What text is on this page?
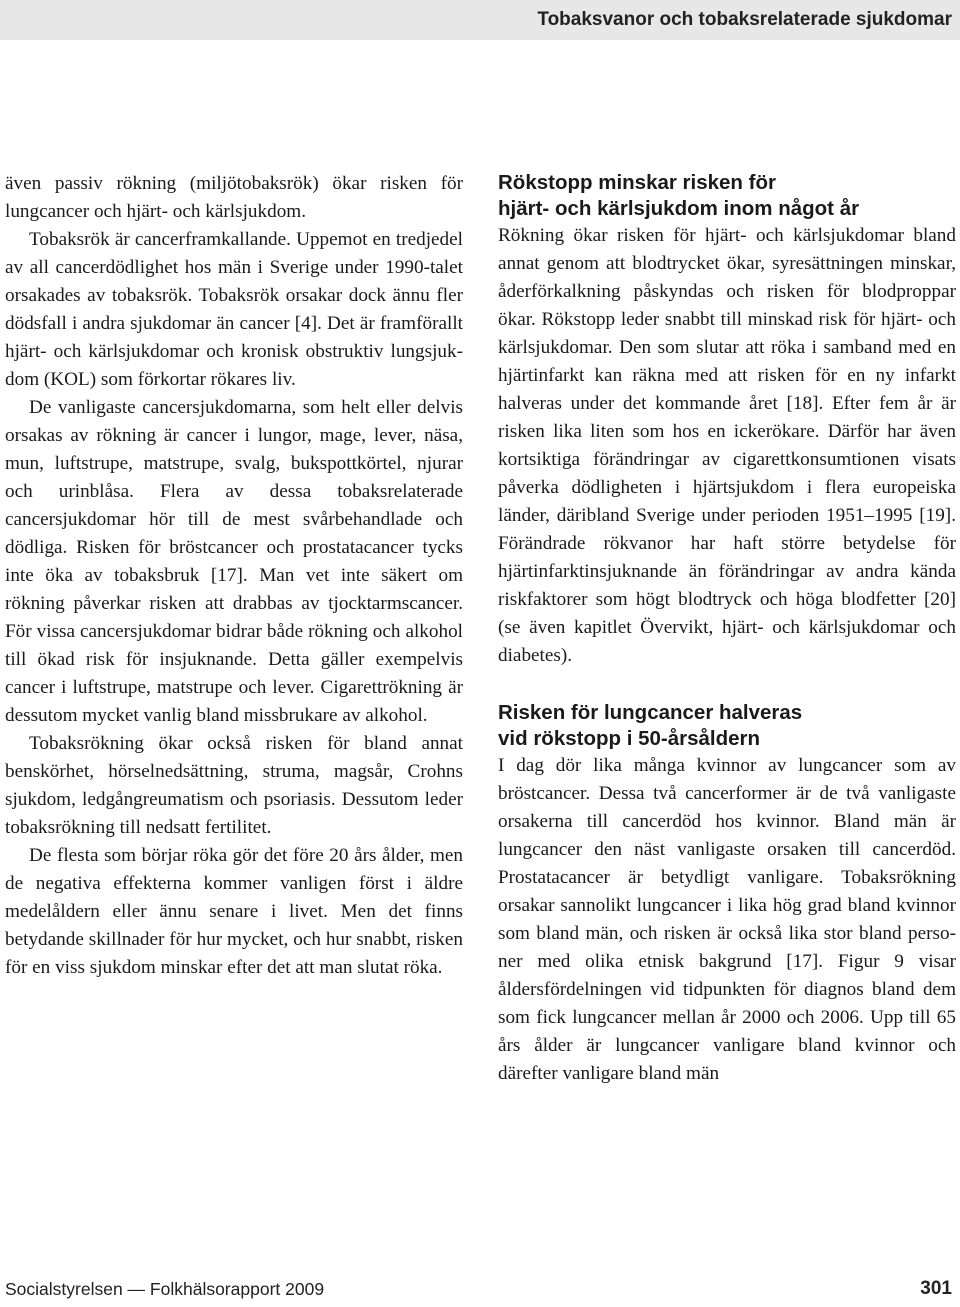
Tobaksvanor och tobaksrelaterade sjukdomar

även passiv rökning (miljötobaksrök) ökar risken för lungcancer och hjärt- och kärlsjukdom.

Tobaksrök är cancerframkallande. Uppemot en tredjedel av all cancerdödlighet hos män i Sverige under 1990-talet orsakades av tobaksrök. Tobaksrök orsakar dock ännu fler dödsfall i andra sjukdomar än cancer [4]. Det är framförallt hjärt- och kärlsjukdomar och kronisk obstruktiv lungsjukdom (KOL) som förkortar rökares liv.

De vanligaste cancersjukdomarna, som helt eller delvis orsakas av rökning är cancer i lungor, mage, lever, näsa, mun, luftstrupe, matstrupe, svalg, bukspottkörtel, njurar och urinblåsa. Flera av dessa tobaksrelaterade cancersjukdomar hör till de mest svårbehandlade och dödliga. Risken för bröstcancer och prostatacancer tycks inte öka av tobaksbruk [17]. Man vet inte säkert om rökning påverkar risken att drabbas av tjocktarmscancer. För vissa cancersjukdomar bidrar både rökning och alkohol till ökad risk för insjuknande. Detta gäller exempelvis cancer i luftstrupe, matstrupe och lever. Cigarettrökning är dessutom mycket vanlig bland missbrukare av alkohol.

Tobaksrökning ökar också risken för bland annat benskörhet, hörselnedsättning, struma, magsår, Crohns sjukdom, ledgångreumatism och psoriasis. Dessutom leder tobaksrökning till nedsatt fertilitet.

De flesta som börjar röka gör det före 20 års ålder, men de negativa effekterna kommer vanligen först i äldre medelåldern eller ännu senare i livet. Men det finns betydande skillnader för hur mycket, och hur snabbt, risken för en viss sjukdom minskar efter det att man slutat röka.

Rökstopp minskar risken för
hjärt- och kärlsjukdom inom något år

Rökning ökar risken för hjärt- och kärlsjukdomar bland annat genom att blodtrycket ökar, syresättningen minskar, åderförkalkning påskyndas och risken för blodproppar ökar. Rökstopp leder snabbt till minskad risk för hjärt- och kärlsjukdomar. Den som slutar att röka i samband med en hjärtinfarkt kan räkna med att risken för en ny infarkt halveras under det kommande året [18]. Efter fem år är risken lika liten som hos en ickerökare. Därför har även kortsiktiga förändringar av cigarettkonsumtionen visats påverka dödligheten i hjärtsjukdom i flera europeiska länder, däribland Sverige under perioden 1951–1995 [19]. Förändrade rökvanor har haft större betydelse för hjärtinfarktinsjuknande än förändringar av andra kända riskfaktorer som högt blodtryck och höga blodfetter [20] (se även kapitlet Övervikt, hjärt- och kärlsjukdomar och diabetes).

Risken för lungcancer halveras
vid rökstopp i 50-årsåldern

I dag dör lika många kvinnor av lungcancer som av bröstcancer. Dessa två cancerformer är de två vanligaste orsakerna till cancerdöd hos kvinnor. Bland män är lungcancer den näst vanligaste orsaken till cancerdöd. Prostatacancer är betydligt vanligare. Tobaksrökning orsakar sannolikt lungcancer i lika hög grad bland kvinnor som bland män, och risken är också lika stor bland personer med olika etnisk bakgrund [17]. Figur 9 visar åldersfördelningen vid tidpunkten för diagnos bland dem som fick lungcancer mellan år 2000 och 2006. Upp till 65 års ålder är lungcancer vanligare bland kvinnor och därefter vanligare bland män

Socialstyrelsen — Folkhälsorapport 2009	301
